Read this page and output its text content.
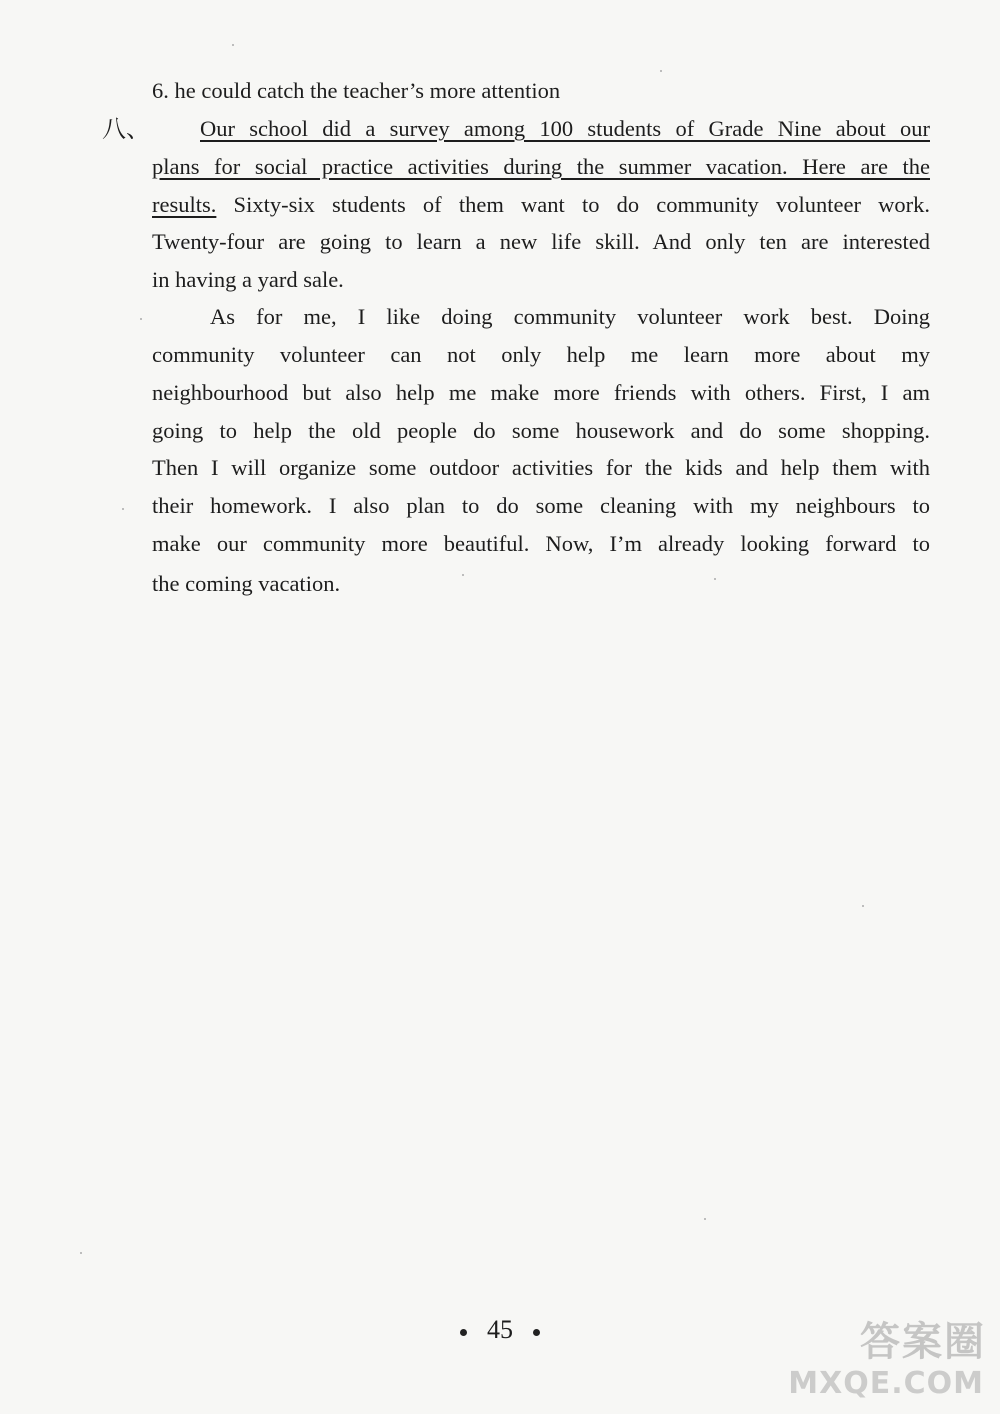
6. he could catch the teacher’s more attention
八、 Our school did a survey among 100 students of Grade Nine about our
plans for social practice activities during the summer vacation. Here are the
results. Sixty-six students of them want to do community volunteer work.
Twenty-four are going to learn a new life skill. And only ten are interested
in having a yard sale.
As for me, I like doing community volunteer work best. Doing
community volunteer can not only help me learn more about my
neighbourhood but also help me make more friends with others. First, I am
going to help the old people do some housework and do some shopping.
Then I will organize some outdoor activities for the kids and help them with
their homework. I also plan to do some cleaning with my neighbours to
make our community more beautiful. Now, I’m already looking forward to
the coming vacation.
45	答案圈
MXQE.COM
